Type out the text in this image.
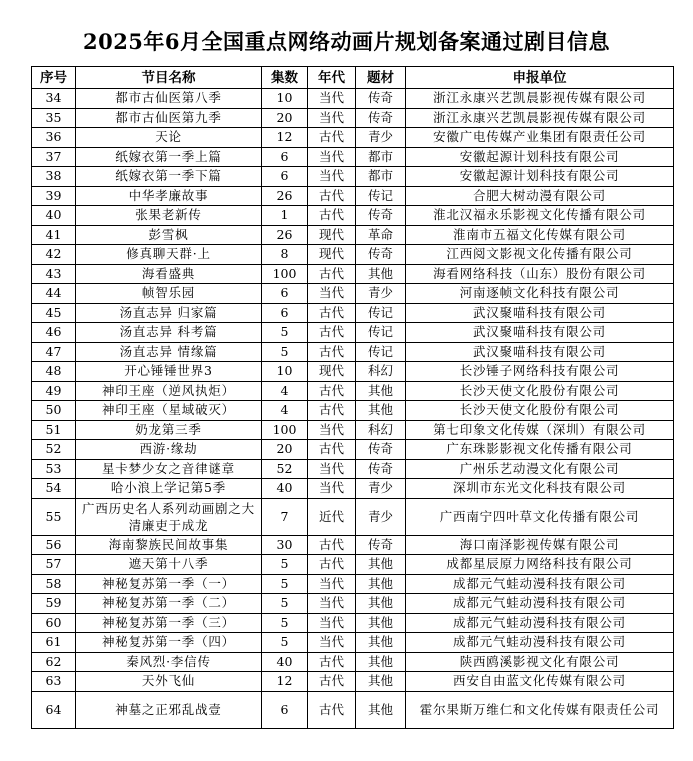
2025年6月全国重点网络动画片规划备案通过剧目信息
序号	节目名称	集数	年代	题材	申报单位
34	都市古仙医第八季	10	当代	传奇	浙江永康兴艺凯晨影视传媒有限公司
35	都市古仙医第九季	20	当代	传奇	浙江永康兴艺凯晨影视传媒有限公司
36	天论	12	古代	青少	安徽广电传媒产业集团有限责任公司
37	纸嫁衣第一季上篇	6	当代	都市	安徽起源计划科技有限公司
38	纸嫁衣第一季下篇	6	当代	都市	安徽起源计划科技有限公司
39	中华孝廉故事	26	古代	传记	合肥大树动漫有限公司
40	张果老新传	1	古代	传奇	淮北汉福永乐影视文化传播有限公司
41	彭雪枫	26	现代	革命	淮南市五福文化传媒有限公司
42	修真聊天群·上	8	现代	传奇	江西阅文影视文化传播有限公司
43	海看盛典	100	古代	其他	海看网络科技（山东）股份有限公司
44	帧智乐园	6	当代	青少	河南逐帧文化科技有限公司
45	汤直志异 归家篇	6	古代	传记	武汉聚喵科技有限公司
46	汤直志异 科考篇	5	古代	传记	武汉聚喵科技有限公司
47	汤直志异 情缘篇	5	古代	传记	武汉聚喵科技有限公司
48	开心锤锤世界3	10	现代	科幻	长沙锤子网络科技有限公司
49	神印王座（逆风执炬）	4	古代	其他	长沙天使文化股份有限公司
50	神印王座（星域破灭）	4	古代	其他	长沙天使文化股份有限公司
51	奶龙第三季	100	当代	科幻	第七印象文化传媒（深圳）有限公司
52	西游·缘劫	20	古代	传奇	广东珠影影视文化传播有限公司
53	星卡梦少女之音律谜章	52	当代	传奇	广州乐艺动漫文化有限公司
54	哈小浪上学记第5季	40	当代	青少	深圳市东光文化科技有限公司
55	广西历史名人系列动画剧之大清廉吏于成龙	7	近代	青少	广西南宁四叶草文化传播有限公司
56	海南黎族民间故事集	30	古代	传奇	海口南泽影视传媒有限公司
57	遮天第十八季	5	古代	其他	成都星辰原力网络科技有限公司
58	神秘复苏第一季（一）	5	当代	其他	成都元气蛙动漫科技有限公司
59	神秘复苏第一季（二）	5	当代	其他	成都元气蛙动漫科技有限公司
60	神秘复苏第一季（三）	5	当代	其他	成都元气蛙动漫科技有限公司
61	神秘复苏第一季（四）	5	当代	其他	成都元气蛙动漫科技有限公司
62	秦风烈·李信传	40	古代	其他	陕西鸥溪影视文化有限公司
63	天外飞仙	12	古代	其他	西安自由蓝文化传媒有限公司
64	神墓之正邪乱战壹	6	古代	其他	霍尔果斯万维仁和文化传媒有限责任公司
